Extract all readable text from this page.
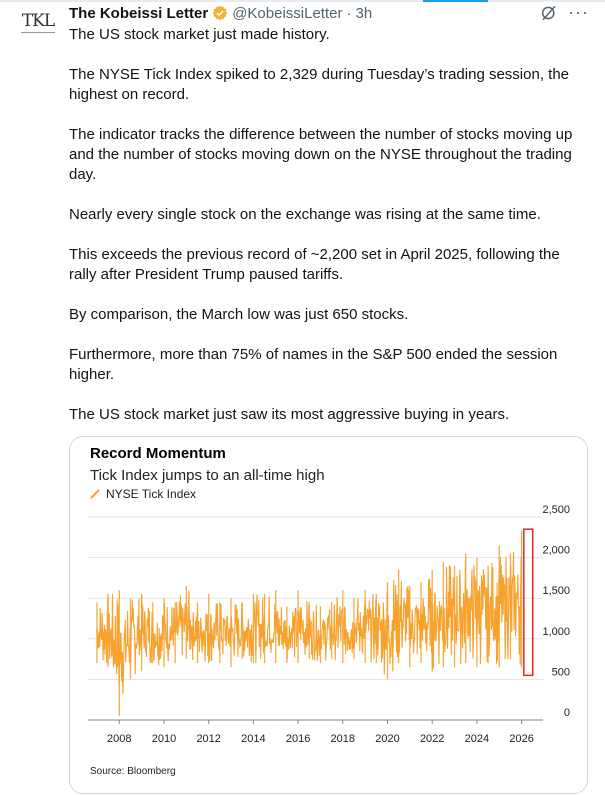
TKL The Kobeissi Letter @KobeissiLetter · 3h	···

The US stock market just made history.

The NYSE Tick Index spiked to 2,329 during Tuesday’s trading session, the highest on record.

The indicator tracks the difference between the number of stocks moving up and the number of stocks moving down on the NYSE throughout the trading day.

Nearly every single stock on the exchange was rising at the same time.

This exceeds the previous record of ~2,200 set in April 2025, following the rally after President Trump paused tariffs.

By comparison, the March low was just 650 stocks.

Furthermore, more than 75% of names in the S&P 500 ended the session higher.

The US stock market just saw its most aggressive buying in years.

0
500
1,000
1,500
2,000
2,500
2008 2010 2012 2014 2016 2018 2020 2022 2024 2026
Record Momentum
Tick Index jumps to an all-time high
NYSE Tick Index
Source: Bloomberg
